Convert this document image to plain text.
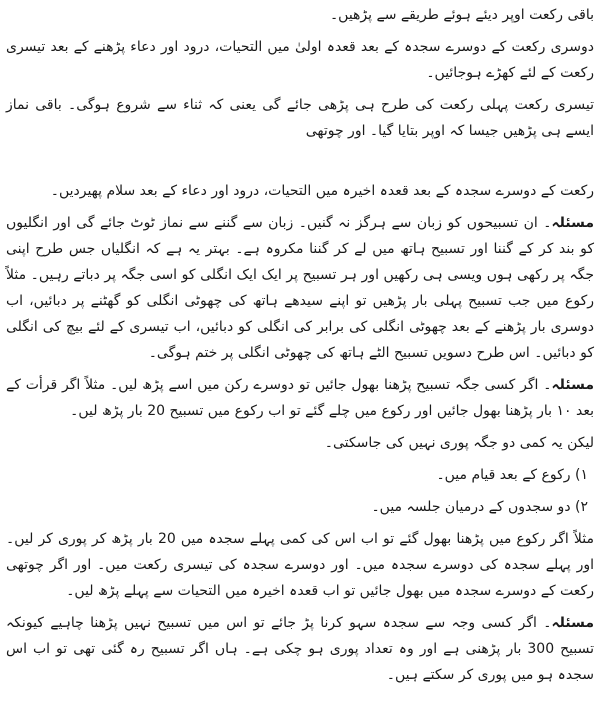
باقی رکعت اوپر دیئے ہوئے طریقے سے پڑھیں۔

دوسری رکعت کے دوسرے سجدہ کے بعد قعدہ اولیٰ میں التحیات، درود اور دعاء پڑھنے کے بعد تیسری رکعت کے لئے کھڑے ہوجائیں۔

تیسری رکعت پہلی رکعت کی طرح ہی پڑھی جائے گی یعنی کہ ثناء سے شروع ہوگی۔ باقی نماز ایسے ہی پڑھیں جیسا کہ اوپر بتایا گیا۔ اور چوتھی

رکعت کے دوسرے سجدہ کے بعد قعدہ اخیرہ میں التحیات، درود اور دعاء کے بعد سلام پھیردیں۔

مسئلہ۔ ان تسبیحوں کو زبان سے ہرگز نہ گنیں۔ زبان سے گننے سے نماز ٹوٹ جائے گی اور انگلیوں کو بند کر کے گننا اور تسبیح ہاتھ میں لے کر گننا مکروہ ہے۔ بہتر یہ ہے کہ انگلیاں جس طرح اپنی جگہ پر رکھی ہوں ویسی ہی رکھیں اور ہر تسبیح پر ایک ایک انگلی کو اسی جگہ پر دباتے رہیں۔ مثلاً رکوع میں جب تسبیح پہلی بار پڑھیں تو اپنے سیدھے ہاتھ کی چھوٹی انگلی کو گھٹنے پر دبائیں، اب دوسری بار پڑھنے کے بعد چھوٹی انگلی کی برابر کی انگلی کو دبائیں، اب تیسری کے لئے بیچ کی انگلی کو دبائیں۔ اس طرح دسویں تسبیح الٹے ہاتھ کی چھوٹی انگلی پر ختم ہوگی۔

مسئلہ۔ اگر کسی جگہ تسبیح پڑھنا بھول جائیں تو دوسرے رکن میں اسے پڑھ لیں۔ مثلاً اگر قرأت کے بعد ۱۰ بار پڑھنا بھول جائیں اور رکوع میں چلے گئے تو اب رکوع میں تسبیح 20 بار پڑھ لیں۔

لیکن یہ کمی دو جگہ پوری نہیں کی جاسکتی۔

۱) رکوع کے بعد قیام میں۔

۲) دو سجدوں کے درمیان جلسہ میں۔

مثلاً اگر رکوع میں پڑھنا بھول گئے تو اب اس کی کمی پہلے سجدہ میں 20 بار پڑھ کر پوری کر لیں۔ اور پہلے سجدہ کی دوسرے سجدہ میں۔ اور دوسرے سجدہ کی تیسری رکعت میں۔ اور اگر چوتھی رکعت کے دوسرے سجدہ میں بھول جائیں تو اب قعدہ اخیرہ میں التحیات سے پہلے پڑھ لیں۔

مسئلہ۔ اگر کسی وجہ سے سجدہ سہو کرنا پڑ جائے تو اس میں تسبیح نہیں پڑھنا چاہیے کیونکہ تسبیح 300 بار پڑھنی ہے اور وہ تعداد پوری ہو چکی ہے۔ ہاں اگر تسبیح رہ گئی تھی تو اب اس سجدہ ہو میں پوری کر سکتے ہیں۔
